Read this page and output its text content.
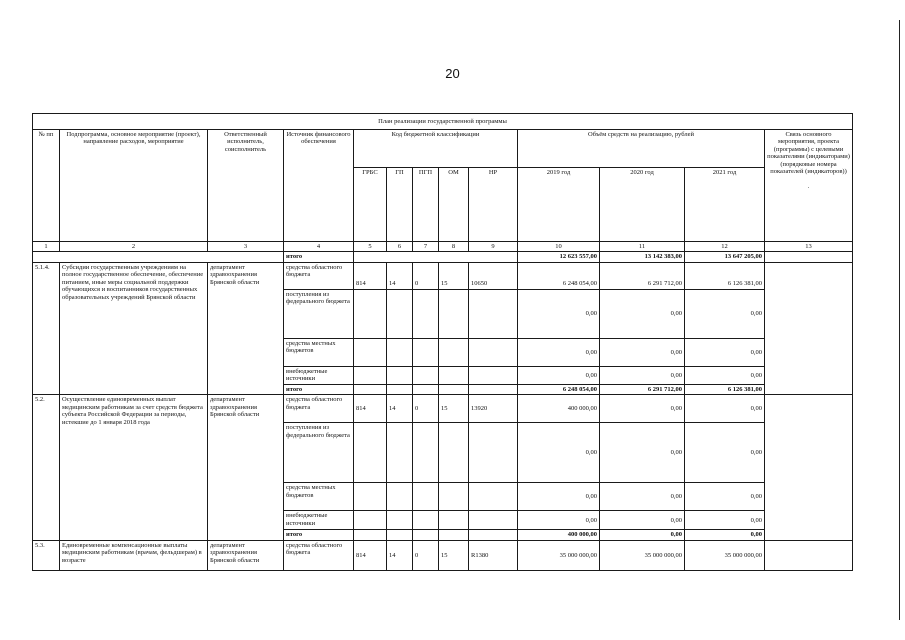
20
План реализации государственной программы												
№ пп	Подпрограмма, основное мероприятие (проект), направление расходов, мероприятие	Ответственный исполнитель, соисполнитель	Источник финансового обеспечения	Код бюджетной классификации					Объём средств на реализацию, рублей			Связь основного мероприятия, проекта (программы) с целевыми показателями (индикаторами) (порядковые номера показателей (индикаторов))

.
				ГРБС	ГП	ПГП	ОМ	НР	2019 год	2020 год	2021 год	
1	2	3	4	5	6	7	8	9	10	11	12	13
			итого						12 623 557,00	13 142 383,00	13 647 205,00	
5.1.4.	Субсидии государственным учреждениям на полное государственное обеспечение, обеспечение питанием, иные меры социальной поддержки обучающихся и воспитанников государственных образовательных учреждений Брянской области	департамент здравоохранения Брянской области	средства областного бюджета	814	14	0	15	10650	6 248 054,00	6 291 712,00	6 126 381,00	
			поступления из федерального бюджета						0,00	0,00	0,00	
			средства местных бюджетов						0,00	0,00	0,00	
			внебюджетные источники						0,00	0,00	0,00	
			итого						6 248 054,00	6 291 712,00	6 126 381,00	
5.2.	Осуществление единовременных выплат медицинским работникам за счет средств бюджета субъекта Российской Федерации за периоды, истекшие до 1 января 2018 года	департамент здравоохранения Брянской области	средства областного бюджета	814	14	0	15	13920	400 000,00	0,00	0,00	
			поступления из федерального бюджета						0,00	0,00	0,00	
			средства местных бюджетов						0,00	0,00	0,00	
			внебюджетные источники						0,00	0,00	0,00	
			итого						400 000,00	0,00	0,00	
5.3.	Единовременные компенсационные выплаты медицинским работникам (врачам, фельдшерам) в возрасте	департамент здравоохранения Брянской области	средства областного бюджета	814	14	0	15	R1380	35 000 000,00	35 000 000,00	35 000 000,00	
